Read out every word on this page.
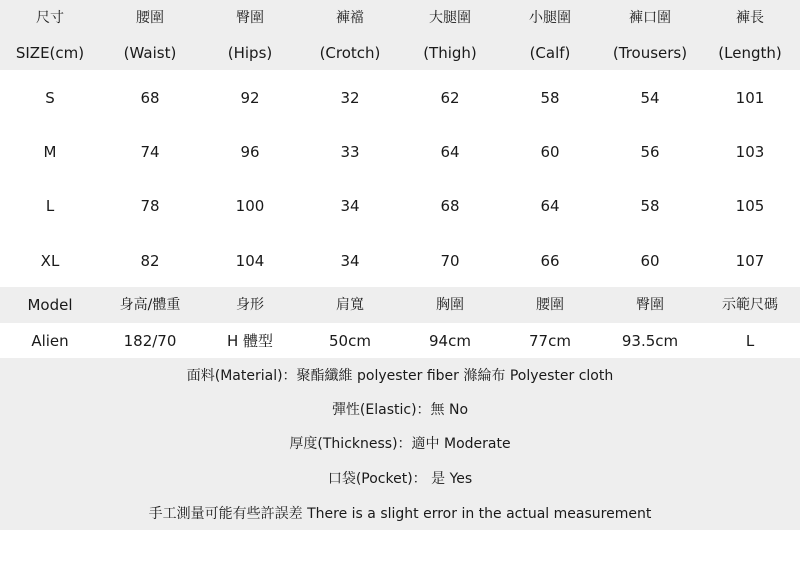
尺寸	腰圍	臀圍	褲襠	大腿圍	小腿圍	褲口圍	褲長
SIZE(cm)	(Waist)	(Hips)	(Crotch)	(Thigh)	(Calf)	(Trousers)	(Length)
S	68	92	32	62	58	54	101
M	74	96	33	64	60	56	103
L	78	100	34	68	64	58	105
XL	82	104	34	70	66	60	107
Model	身高/體重	身形	肩寬	胸圍	腰圍	臀圍	示範尺碼
Alien	182/70	H 體型	50cm	94cm	77cm	93.5cm	L
面料(Material)：聚酯纖維 polyester fiber 滌綸布 Polyester cloth
彈性(Elastic)：無 No
厚度(Thickness)：適中 Moderate
口袋(Pocket)： 是 Yes
手工測量可能有些許誤差 There is a slight error in the actual measurement
